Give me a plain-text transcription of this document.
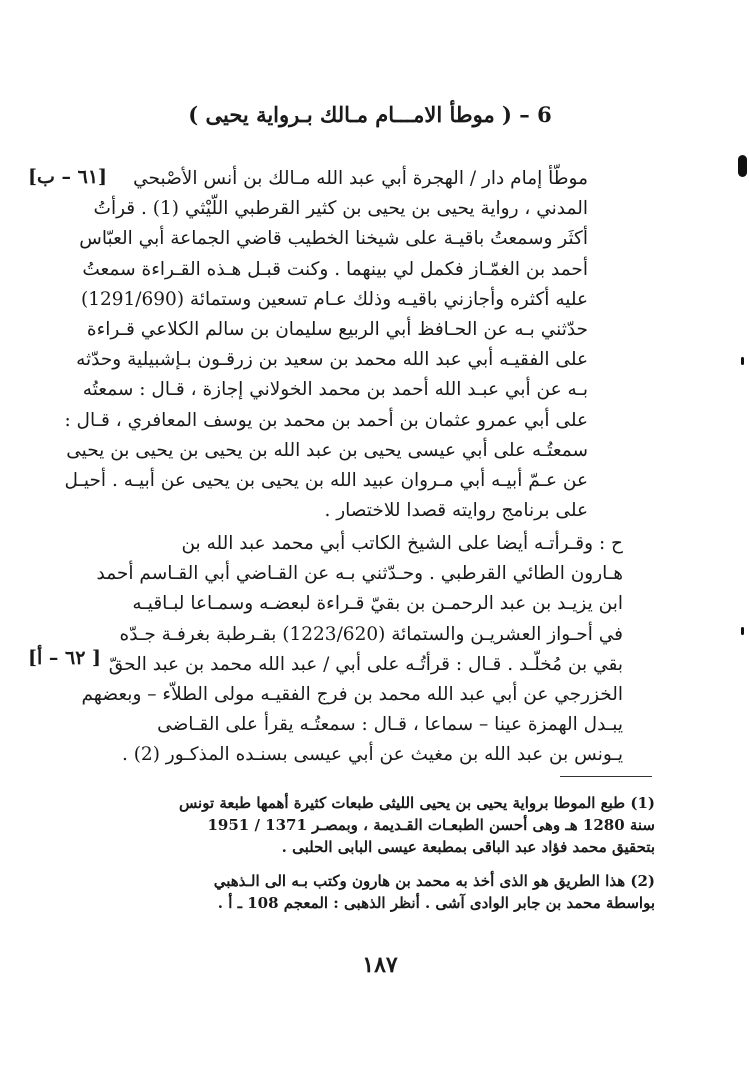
6 – ( موطأ الامـــام مـالك بـرواية يحيى )
[٦١ – ب]
[٦٢ – أ ]
موطّأ إمام دار / الهجرة أبي عبد الله مـالك بن أنس الأصْبحي
المدني ، رواية يحيى بن يحيى بن كثير القرطبي اللّيْثي (1) . قرأتُ
أكثَر وسمعتُ باقيـة على شيخنا الخطيب قاضي الجماعة أبي العبّاس
أحمد بن الغمّـاز فكمل لي بينهما . وكنت قبـل هـذه القـراءة سمعتُ
عليه أكثره وأجازني باقيـه وذلك عـام تسعين وستمائة (1291/690)
حدّثني بـه عن الحـافظ أبي الربيع سليمان بن سالم الكلاعي قـراءة
على الفقيـه أبي عبد الله محمد بن سعيد بن زرقـون بـإشبيلية وحدّثه
بـه عن أبي عبـد الله أحمد بن محمد الخولاني إجازة ، قـال : سمعتُه
على أبي عمرو عثمان بن أحمد بن محمد بن يوسف المعافري ، قـال :
سمعتُـه على أبي عيسى يحيى بن عبد الله بن يحيى بن يحيى بن يحيى
عن عـمّ أبيـه أبي مـروان عبيد الله بن يحيى بن يحيى عن أبيـه . أحيـل
على برنامج روايته قصدا للاختصار .
ح : وقـرأتـه أيضا على الشيخ الكاتب أبي محمد عبد الله بن
هـارون الطائي القرطبي . وحـدّثني بـه عن القـاضي أبي القـاسم أحمد
ابن يزيـد بن عبد الرحمـن بن بقيّ قـراءة لبعضـه وسمـاعا لبـاقيـه
في أحـواز العشريـن والستمائة (1223/620) بقـرطبة بغرفـة جـدّه
بقي بن مُخلّـد . قـال : قرأتُـه على أبي / عبد الله محمد بن عبد الحقّ
الخزرجي عن أبي عبد الله محمد بن فرج الفقيـه مولى الطلاّء – وبعضهم
يبـدل الهمزة عينا – سماعا ، قـال : سمعتُـه يقرأ على القـاضى
يـونس بن عبد الله بن مغيث عن أبي عيسى بسنـده المذكـور (2) .
(1) طبع الموطا برواية يحيى بن يحيى الليثى طبعات كثيرة أهمها طبعة تونس
سنة 1280 هـ وهى أحسن الطبعـات القـديمة ، وبمصـر 1371 / 1951
بتحقيق محمد فؤاد عبد الباقى بمطبعة عيسى البابى الحلبى .
(2) هذا الطريق هو الذى أخذ به محمد بن هارون وكتب بـه الى الـذهبي
بواسطة محمد بن جابر الوادى آشى . أنظر الذهبى : المعجم 108 ـ أ .
١٨٧
